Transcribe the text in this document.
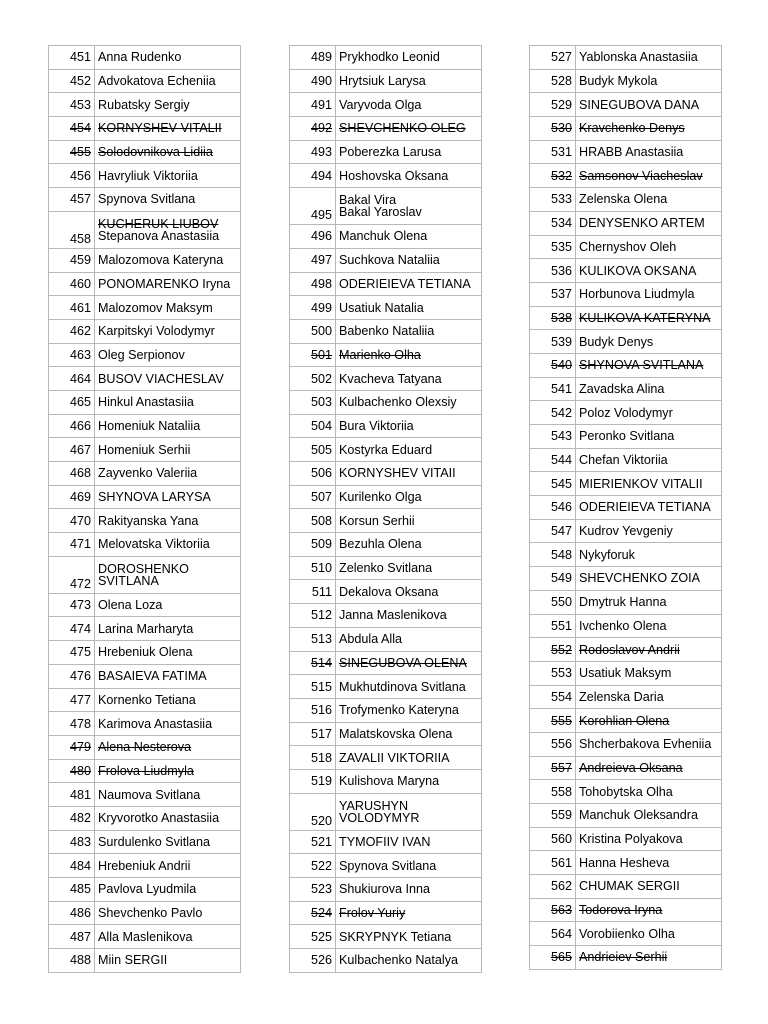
451	Anna Rudenko
452	Advokatova Echeniia
453	Rubatsky Sergiy
454	KORNYSHEV VITALII
455	Solodovnikova Lidiia
456	Havryliuk Viktoriia
457	Spynova Svitlana
458	KUCHERUK LIUBOV
Stepanova Anastasiia

459	Malozomova Kateryna
460	PONOMARENKO Iryna
461	Malozomov Maksym
462	Karpitskyi Volodymyr
463	Oleg Serpionov
464	BUSOV VIACHESLAV
465	Hinkul Anastasiia
466	Homeniuk Nataliia
467	Homeniuk Serhii
468	Zayvenko Valeriia
469	SHYNOVA LARYSA
470	Rakityanska Yana
471	Melovatska Viktoriia
472	DOROSHENKO
SVITLANA
473	Olena Loza
474	Larina Marharyta
475	Hrebeniuk Olena
476	BASAIEVA FATIMA
477	Kornenko Tetiana
478	Karimova Anastasiia
479	Alena Nesterova
480	Frolova Liudmyla
481	Naumova Svitlana
482	Kryvorotko Anastasiia
483	Surdulenko Svitlana
484	Hrebeniuk Andrii
485	Pavlova Lyudmila
486	Shevchenko Pavlo
487	Alla Maslenikova
488	Miin SERGII
489	Prykhodko Leonid
490	Hrytsiuk Larysa
491	Varyvoda Olga
492	SHEVCHENKO OLEG
493	Poberezka Larusa
494	Hoshovska Oksana
495	Bakal Vira
Bakal Yaroslav
496	Manchuk Olena
497	Suchkova Nataliia
498	ODERIEIEVA TETIANA
499	Usatiuk Natalia
500	Babenko Nataliia
501	Marienko Olha
502	Kvacheva Tatyana
503	Kulbachenko Olexsiy
504	Bura Viktoriia
505	Kostyrka Eduard
506	KORNYSHEV VITAII
507	Kurilenko Olga
508	Korsun Serhii
509	Bezuhla Olena
510	Zelenko Svitlana
511	Dekalova Oksana
512	Janna Maslenikova
513	Abdula Alla
514	SINEGUBOVA OLENA
515	Mukhutdinova Svitlana
516	Trofymenko Kateryna
517	Malatskovska Olena
518	ZAVALII VIKTORIIA
519	Kulishova Maryna
520	YARUSHYN
VOLODYMYR
521	TYMOFIIV IVAN
522	Spynova Svitlana
523	Shukiurova Inna
524	Frolov Yuriy
525	SKRYPNYK Tetiana
526	Kulbachenko Natalya
527	Yablonska Anastasiia
528	Budyk Mykola
529	SINEGUBOVA DANA
530	Kravchenko Denys
531	HRABB Anastasiia
532	Samsonov Viacheslav
533	Zelenska Olena
534	DENYSENKO ARTEM
535	Chernyshov Oleh
536	KULIKOVA OKSANA
537	Horbunova Liudmyla
538	KULIKOVA KATERYNA
539	Budyk Denys
540	SHYNOVA SVITLANA
541	Zavadska Alina
542	Poloz Volodymyr
543	Peronko Svitlana
544	Chefan Viktoriia
545	MIERIENKOV VITALII
546	ODERIEIEVA TETIANA
547	Kudrov Yevgeniy
548	Nykyforuk
549	SHEVCHENKO ZOIA
550	Dmytruk Hanna
551	Ivchenko Olena
552	Rodoslavov Andrii
553	Usatiuk Maksym
554	Zelenska Daria
555	Korohlian Olena
556	Shcherbakova Evheniia
557	Andreieva Oksana
558	Tohobytska Olha
559	Manchuk Oleksandra
560	Kristina Polyakova
561	Hanna Hesheva
562	CHUMAK SERGII
563	Todorova Iryna
564	Vorobiienko Olha
565	Andrieiev Serhii
